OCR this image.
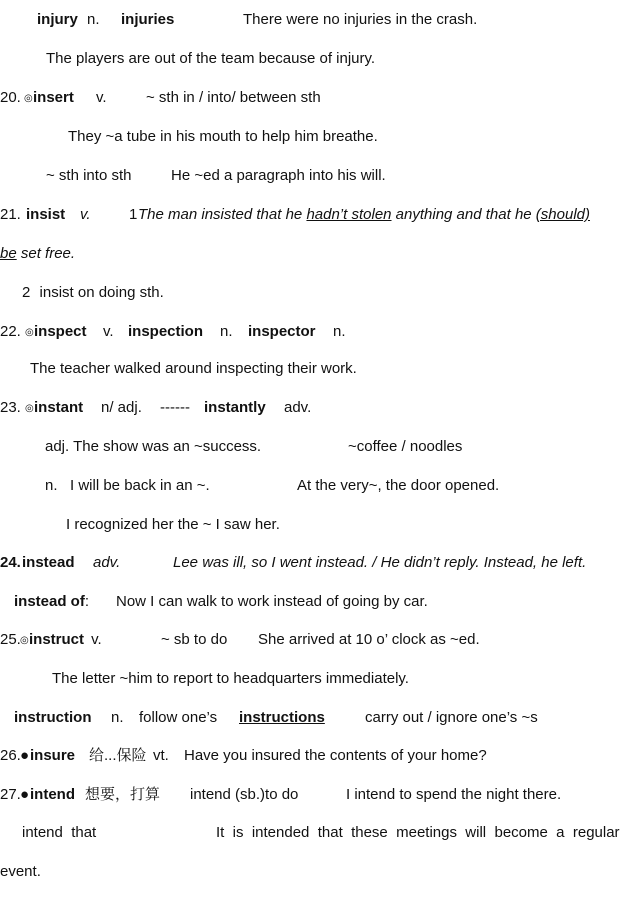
injury n. injuries	There were no injuries in the crash.
The players are out of the team because of injury.
20. ◎ insert v.	~ sth in / into/ between sth
They ~a tube in his mouth to help him breathe.
~ sth into sth	He ~ed a paragraph into his will.
21. insist v.	1 The man insisted that he hadn’t stolen anything and that he (should)
be set free.
2 insist on doing sth.
22. ◎ inspect v. inspection n. inspector n.
The teacher walked around inspecting their work.
23. ◎ instant n/ adj. ------ instantly adv.
adj. The show was an ~success.	~coffee / noodles
n.   I will be back in an ~.	At the very~, the door opened.
I recognized her the ~ I saw her.
24. instead adv.	Lee was ill, so I went instead. / He didn’t reply. Instead, he left.
instead of: Now I can walk to work instead of going by car.
25. ◎ instruct v.	~ sb to do She arrived at 10 o’ clock as ~ed.
The letter ~him to report to headquarters immediately.
instruction n. follow one’s instructions	carry out / ignore one’s ~s
26. ● insure 给...保险 vt. Have you insured the contents of your home?
27. ● intend 想要，打算 intend (sb.)to do	I intend to spend the night there.
intend  that	It  is  intended  that  these  meetings  will  become  a  regular
event.
